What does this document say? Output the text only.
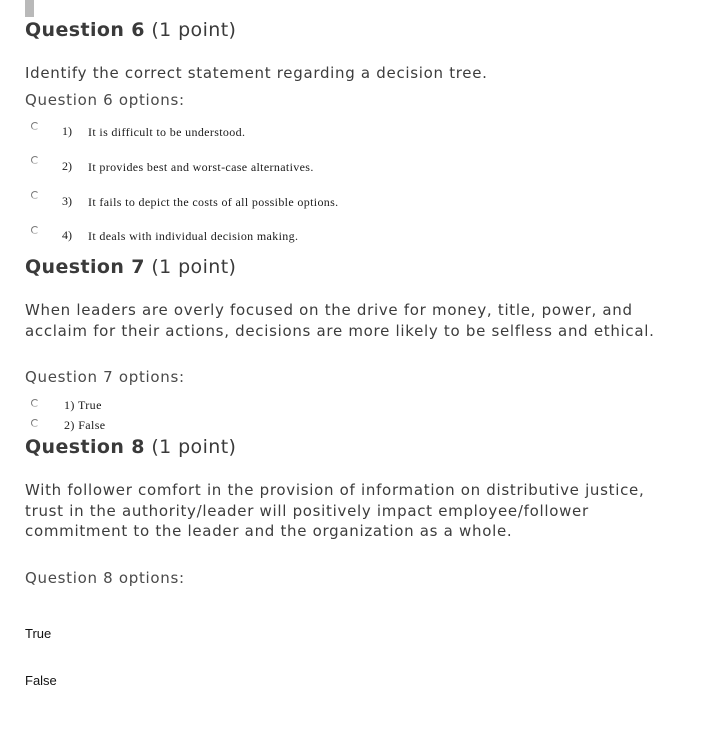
Question 6 (1 point)

Identify the correct statement regarding a decision tree.

Question 6 options:
1) It is difficult to be understood.
2) It provides best and worst-case alternatives.
3) It fails to depict the costs of all possible options.
4) It deals with individual decision making.
Question 7 (1 point)

When leaders are overly focused on the drive for money, title, power, and acclaim for their actions, decisions are more likely to be selfless and ethical.

Question 7 options:
1) True
2) False
Question 8 (1 point)

With follower comfort in the provision of information on distributive justice, trust in the authority/leader will positively impact employee/follower commitment to the leader and the organization as a whole.

Question 8 options:
True
False
